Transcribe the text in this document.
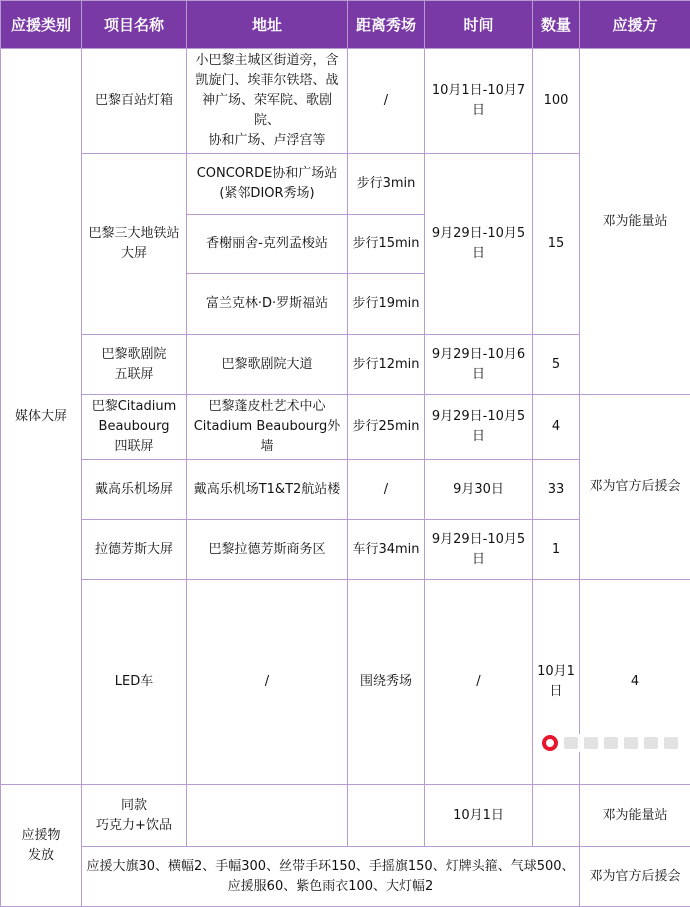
应援类别	项目名称	地址	距离秀场	时间	数量	应援方	

媒体大屏	巴黎百站灯箱	小巴黎主城区街道旁，含
凯旋门、埃菲尔铁塔、战
神广场、荣军院、歌剧院、
协和广场、卢浮宫等	/	10月1日-10月7日	100	邓为能量站	

	巴黎三大地铁站
大屏	CONCORDE协和广场站
(紧邻DIOR秀场)	步行3min	9月29日-10月5日	15		

		香榭丽舍-克列孟梭站	步行15min				

		富兰克林·D·罗斯福站	步行19min				

	巴黎歌剧院
五联屏	巴黎歌剧院大道	步行12min	9月29日-10月6日	5		

	巴黎Citadium
Beaubourg
四联屏	巴黎蓬皮杜艺术中心
Citadium Beaubourg外墙	步行25min	9月29日-10月5日	4	邓为官方后援会	

	戴高乐机场屏	戴高乐机场T1&T2航站楼	/	9月30日	33		

	拉德芳斯大屏	巴黎拉德芳斯商务区	车行34min	9月29日-10月5日	1		

	LED车	/	围绕秀场	/	10月1日	4

应援物
发放	同款
巧克力+饮品			10月1日		邓为能量站	

	应援大旗30、横幅2、手幅300、丝带手环150、手摇旗150、灯牌头箍、气球500、
应援服60、紫色雨衣100、大灯幅2					邓为官方后援会	
